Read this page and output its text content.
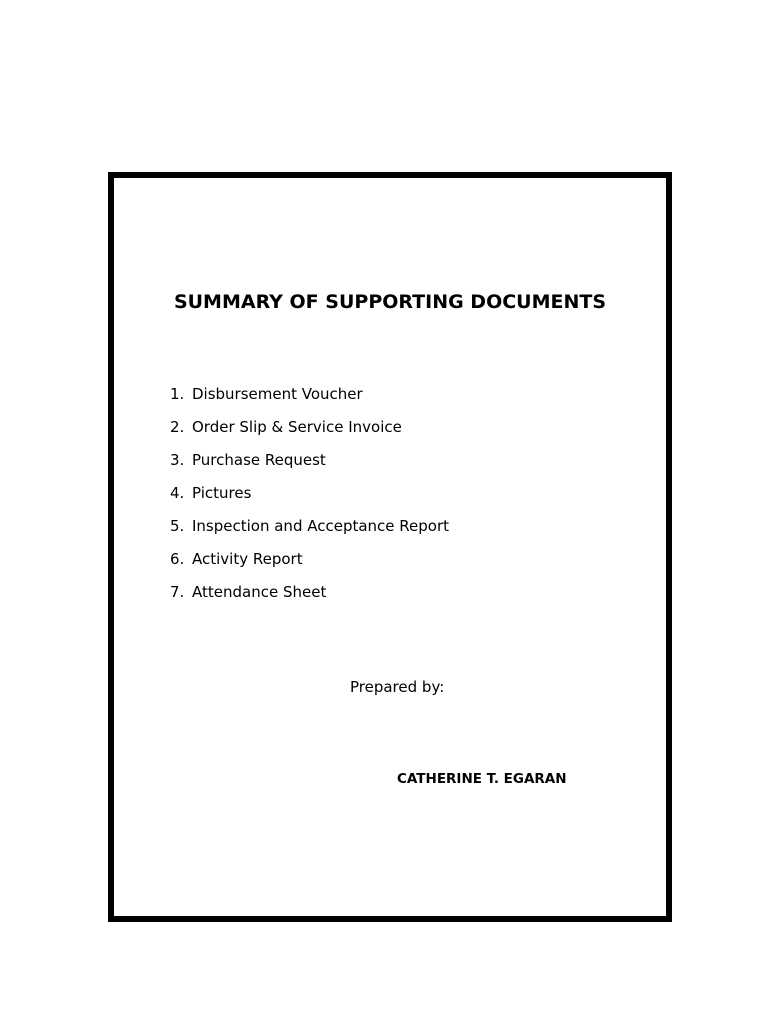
SUMMARY OF SUPPORTING DOCUMENTS
1. Disbursement Voucher
2. Order Slip & Service Invoice
3. Purchase Request
4. Pictures
5. Inspection and Acceptance Report
6. Activity Report
7. Attendance Sheet
Prepared by:
CATHERINE T. EGARAN
